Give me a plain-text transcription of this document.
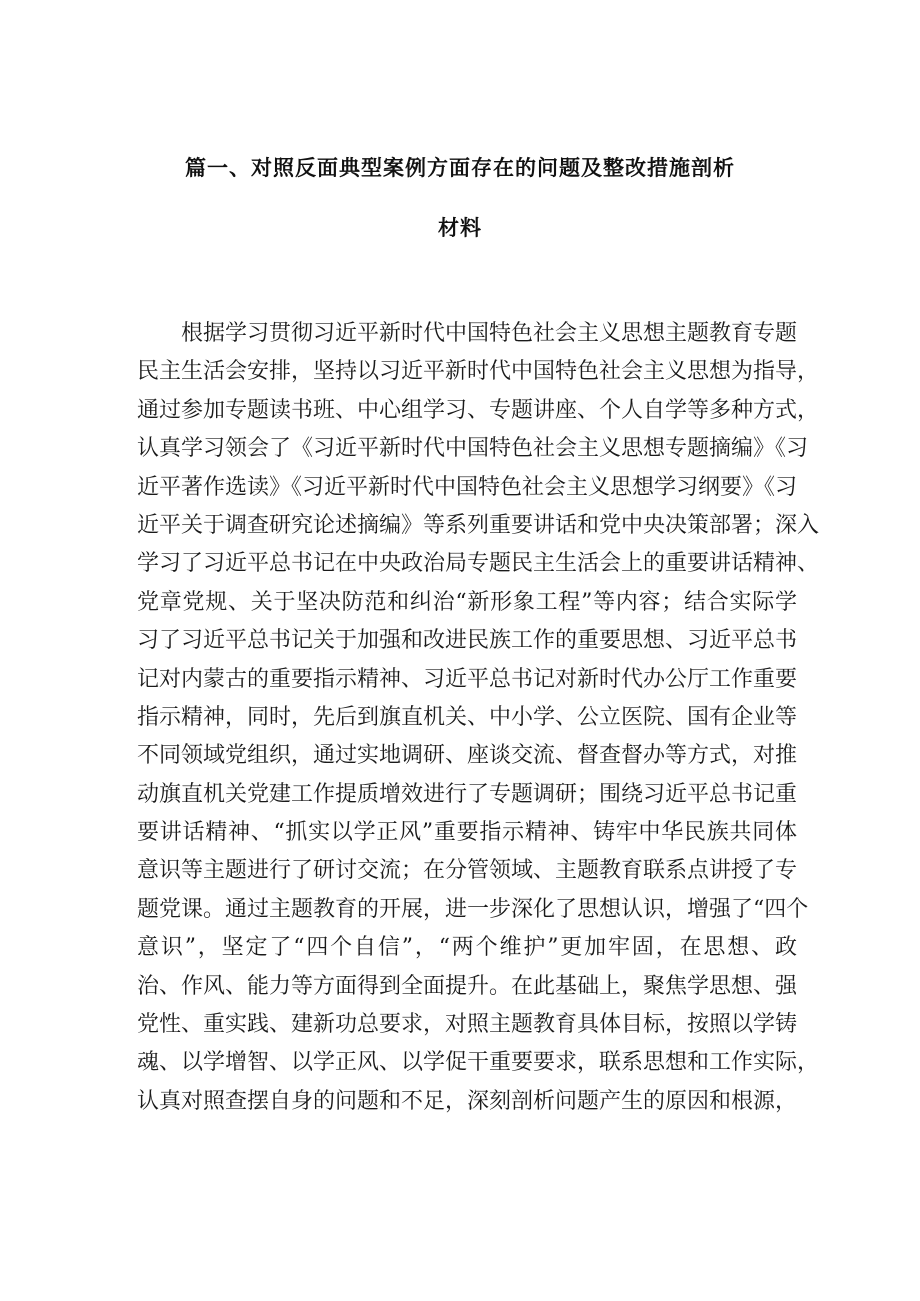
篇一、对照反面典型案例方面存在的问题及整改措施剖析
材料
根据学习贯彻习近平新时代中国特色社会主义思想主题教育专题
民主生活会安排，坚持以习近平新时代中国特色社会主义思想为指导，
通过参加专题读书班、中心组学习、专题讲座、个人自学等多种方式，
认真学习领会了《习近平新时代中国特色社会主义思想专题摘编》《习
近平著作选读》《习近平新时代中国特色社会主义思想学习纲要》《习
近平关于调查研究论述摘编》等系列重要讲话和党中央决策部署；深入
学习了习近平总书记在中央政治局专题民主生活会上的重要讲话精神、
党章党规、关于坚决防范和纠治“新形象工程”等内容；结合实际学
习了习近平总书记关于加强和改进民族工作的重要思想、习近平总书
记对内蒙古的重要指示精神、习近平总书记对新时代办公厅工作重要
指示精神，同时，先后到旗直机关、中小学、公立医院、国有企业等
不同领域党组织，通过实地调研、座谈交流、督查督办等方式，对推
动旗直机关党建工作提质增效进行了专题调研；围绕习近平总书记重
要讲话精神、“抓实以学正风”重要指示精神、铸牢中华民族共同体
意识等主题进行了研讨交流；在分管领域、主题教育联系点讲授了专
题党课。通过主题教育的开展，进一步深化了思想认识，增强了“四个
意识”，坚定了“四个自信”，“两个维护”更加牢固，在思想、政
治、作风、能力等方面得到全面提升。在此基础上，聚焦学思想、强
党性、重实践、建新功总要求，对照主题教育具体目标，按照以学铸
魂、以学增智、以学正风、以学促干重要要求，联系思想和工作实际，
认真对照查摆自身的问题和不足，深刻剖析问题产生的原因和根源，
